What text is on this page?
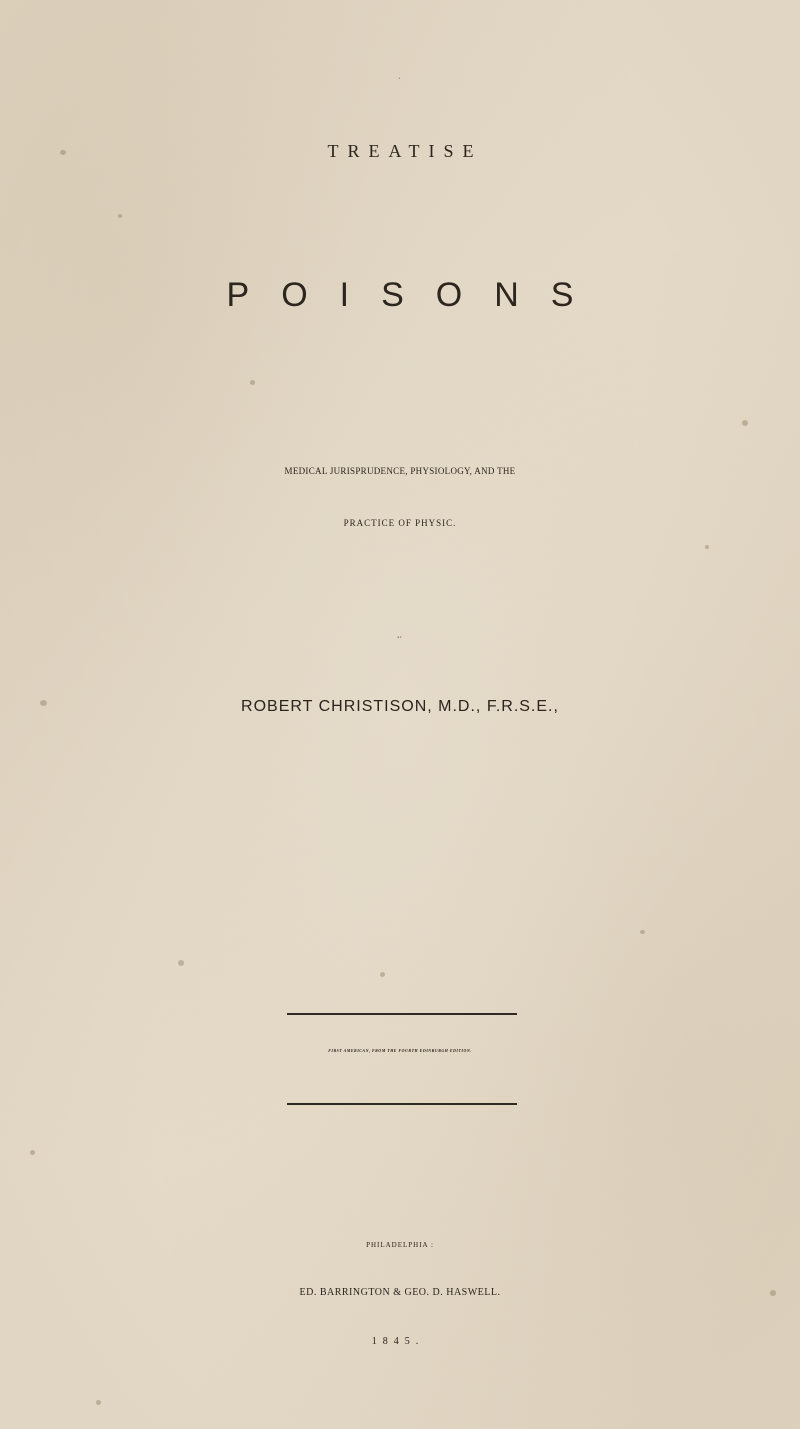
A

TREATISE

POISONS

MEDICAL JURISPRUDENCE, PHYSIOLOGY, AND THE

PRACTICE OF PHYSIC.

BY

ROBERT CHRISTISON, M.D., F.R.S.E.,

FIRST AMERICAN, FROM THE FOURTH EDINBURGH EDITION.

PHILADELPHIA :

ED. BARRINGTON & GEO. D. HASWELL.

1845.
